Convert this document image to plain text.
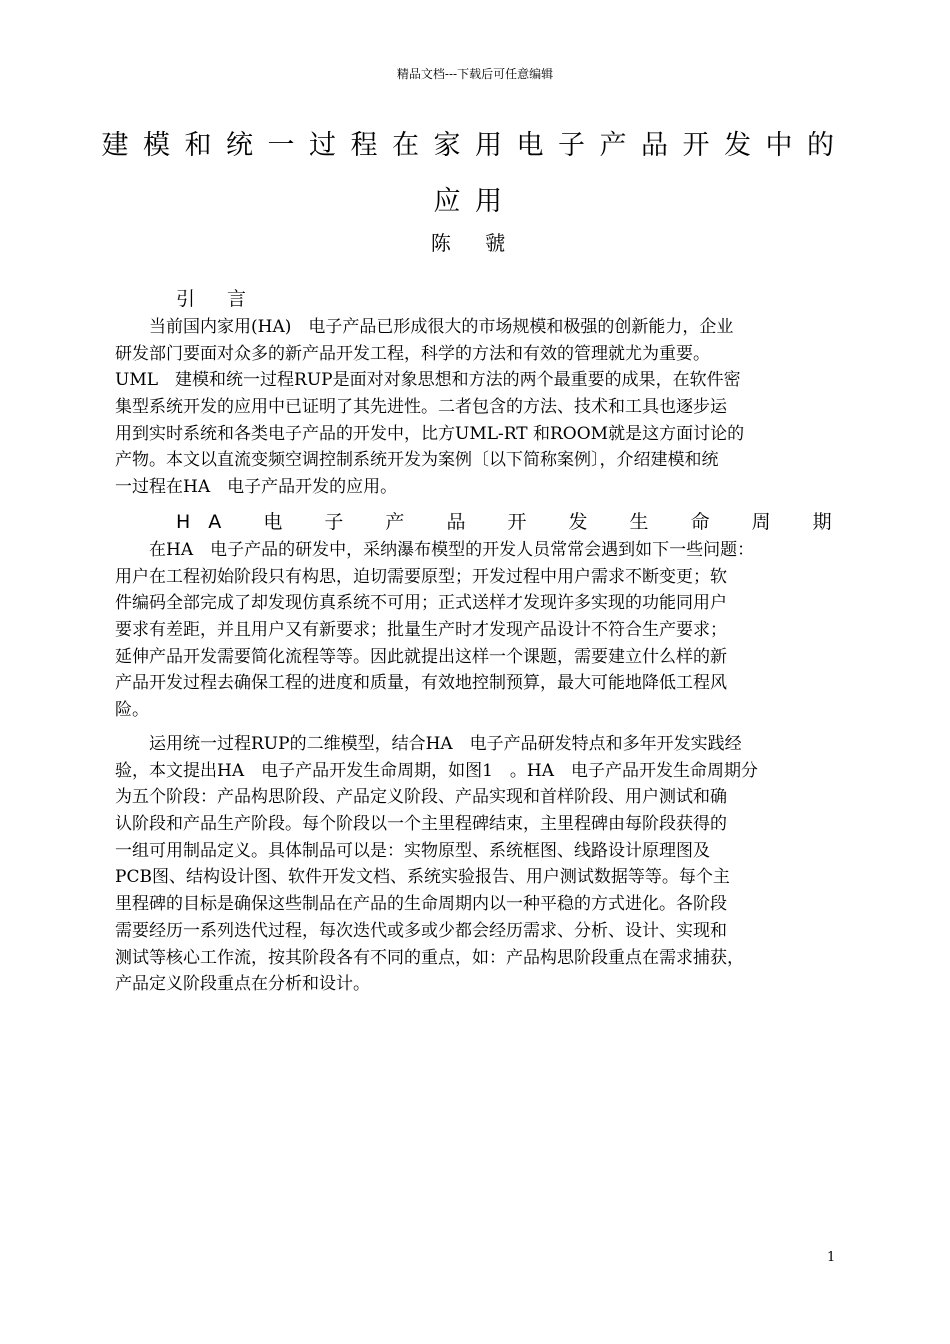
精品文档---下载后可任意编辑
建模和统一过程在家用电子产品开发中的
应用
陈 虢
引 言
　　当前国内家用(HA)　电子产品已形成很大的市场规模和极强的创新能力，企业
研发部门要面对众多的新产品开发工程，科学的方法和有效的管理就尤为重要。
UML　建模和统一过程RUP是面对对象思想和方法的两个最重要的成果，在软件密
集型系统开发的应用中已证明了其先进性。二者包含的方法、技术和工具也逐步运
用到实时系统和各类电子产品的开发中，比方UML-RT 和ROOM就是这方面讨论的
产物。本文以直流变频空调控制系统开发为案例〔以下简称案例〕，介绍建模和统
一过程在HA　电子产品开发的应用。
HA 电 子 产 品 开 发 生 命 周 期
　　在HA　电子产品的研发中，采纳瀑布模型的开发人员常常会遇到如下一些问题：
用户在工程初始阶段只有构思，迫切需要原型；开发过程中用户需求不断变更；软
件编码全部完成了却发现仿真系统不可用；正式送样才发现许多实现的功能同用户
要求有差距，并且用户又有新要求；批量生产时才发现产品设计不符合生产要求；
延伸产品开发需要简化流程等等。因此就提出这样一个课题，需要建立什么样的新
产品开发过程去确保工程的进度和质量，有效地控制预算，最大可能地降低工程风
险。
　　运用统一过程RUP的二维模型，结合HA　电子产品研发特点和多年开发实践经
验，本文提出HA　电子产品开发生命周期，如图1　。HA　电子产品开发生命周期分
为五个阶段：产品构思阶段、产品定义阶段、产品实现和首样阶段、用户测试和确
认阶段和产品生产阶段。每个阶段以一个主里程碑结束，主里程碑由每阶段获得的
一组可用制品定义。具体制品可以是：实物原型、系统框图、线路设计原理图及
PCB图、结构设计图、软件开发文档、系统实验报告、用户测试数据等等。每个主
里程碑的目标是确保这些制品在产品的生命周期内以一种平稳的方式进化。各阶段
需要经历一系列迭代过程，每次迭代或多或少都会经历需求、分析、设计、实现和
测试等核心工作流，按其阶段各有不同的重点，如：产品构思阶段重点在需求捕获，
产品定义阶段重点在分析和设计。
1
